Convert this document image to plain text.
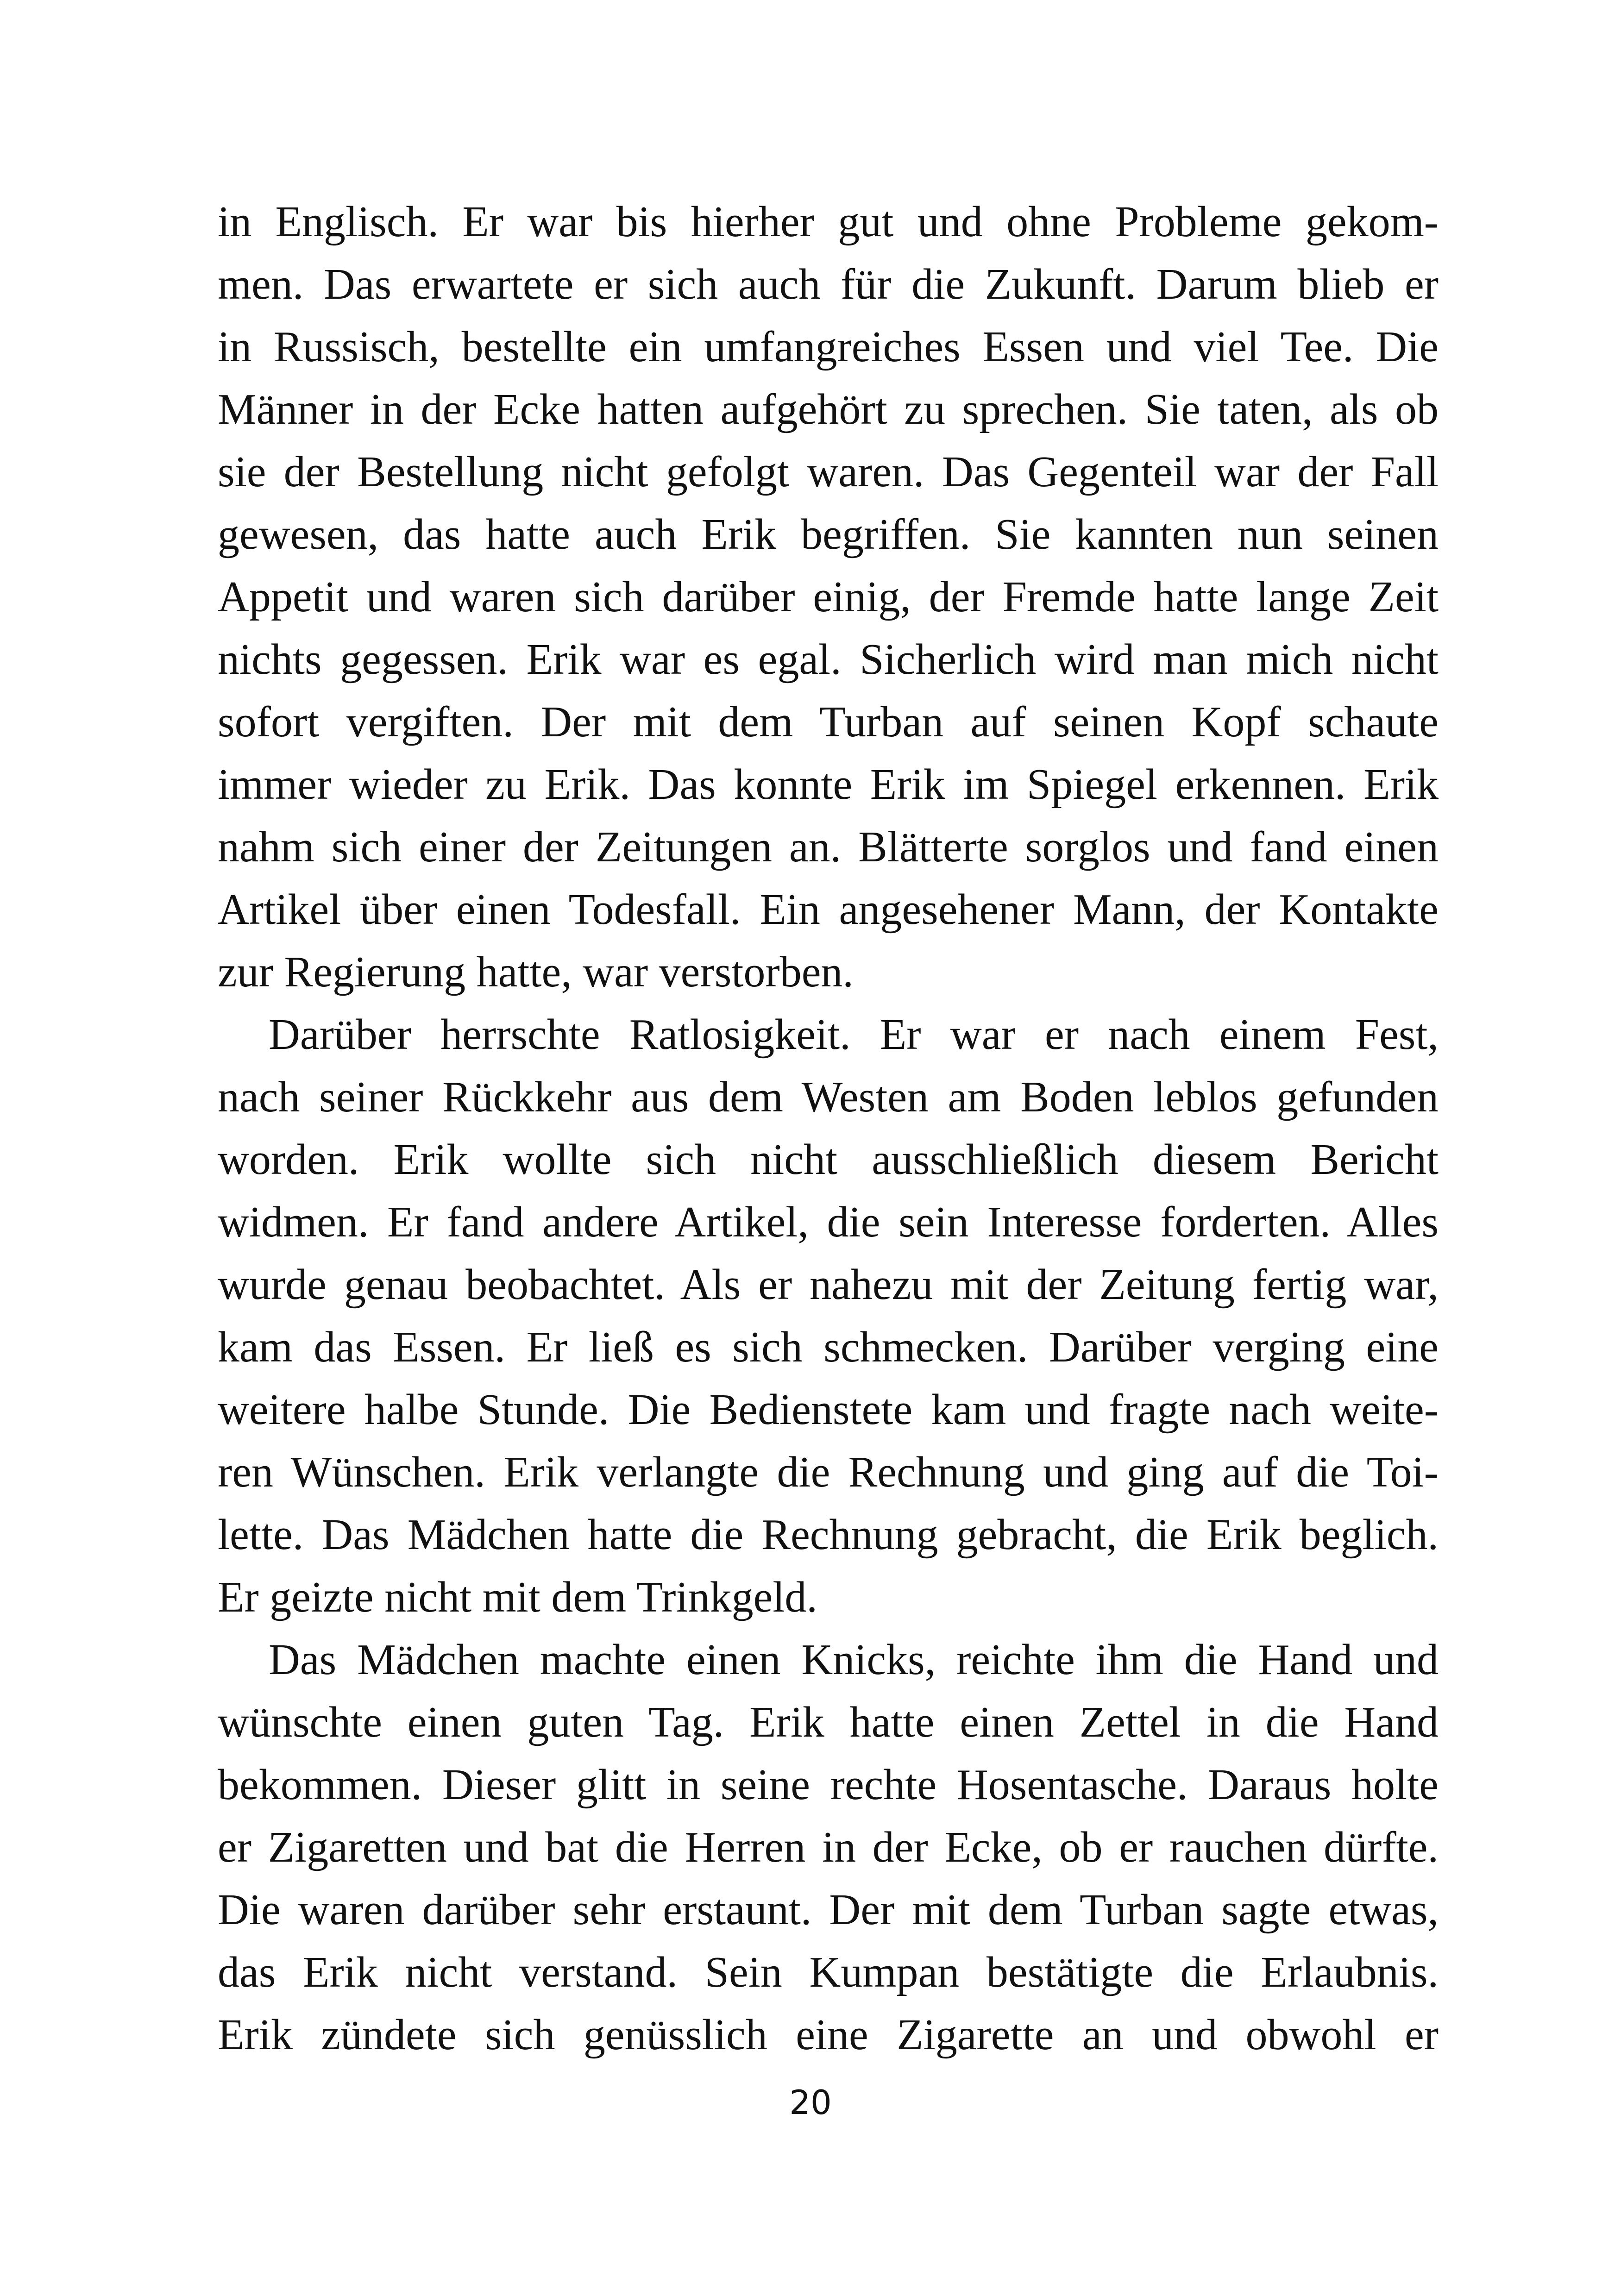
in Englisch. Er war bis hierher gut und ohne Probleme gekom-
men. Das erwartete er sich auch für die Zukunft. Darum blieb er
in Russisch, bestellte ein umfangreiches Essen und viel Tee. Die
Männer in der Ecke hatten aufgehört zu sprechen. Sie taten, als ob
sie der Bestellung nicht gefolgt waren. Das Gegenteil war der Fall
gewesen, das hatte auch Erik begriffen. Sie kannten nun seinen
Appetit und waren sich darüber einig, der Fremde hatte lange Zeit
nichts gegessen. Erik war es egal. Sicherlich wird man mich nicht
sofort vergiften. Der mit dem Turban auf seinen Kopf schaute
immer wieder zu Erik. Das konnte Erik im Spiegel erkennen. Erik
nahm sich einer der Zeitungen an. Blätterte sorglos und fand einen
Artikel über einen Todesfall. Ein angesehener Mann, der Kontakte
zur Regierung hatte, war verstorben.
Darüber herrschte Ratlosigkeit. Er war er nach einem Fest,
nach seiner Rückkehr aus dem Westen am Boden leblos gefunden
worden. Erik wollte sich nicht ausschließlich diesem Bericht
widmen. Er fand andere Artikel, die sein Interesse forderten. Alles
wurde genau beobachtet. Als er nahezu mit der Zeitung fertig war,
kam das Essen. Er ließ es sich schmecken. Darüber verging eine
weitere halbe Stunde. Die Bedienstete kam und fragte nach weite-
ren Wünschen. Erik verlangte die Rechnung und ging auf die Toi-
lette. Das Mädchen hatte die Rechnung gebracht, die Erik beglich.
Er geizte nicht mit dem Trinkgeld.
Das Mädchen machte einen Knicks, reichte ihm die Hand und
wünschte einen guten Tag. Erik hatte einen Zettel in die Hand
bekommen. Dieser glitt in seine rechte Hosentasche. Daraus holte
er Zigaretten und bat die Herren in der Ecke, ob er rauchen dürfte.
Die waren darüber sehr erstaunt. Der mit dem Turban sagte etwas,
das Erik nicht verstand. Sein Kumpan bestätigte die Erlaubnis.
Erik zündete sich genüsslich eine Zigarette an und obwohl er
20
